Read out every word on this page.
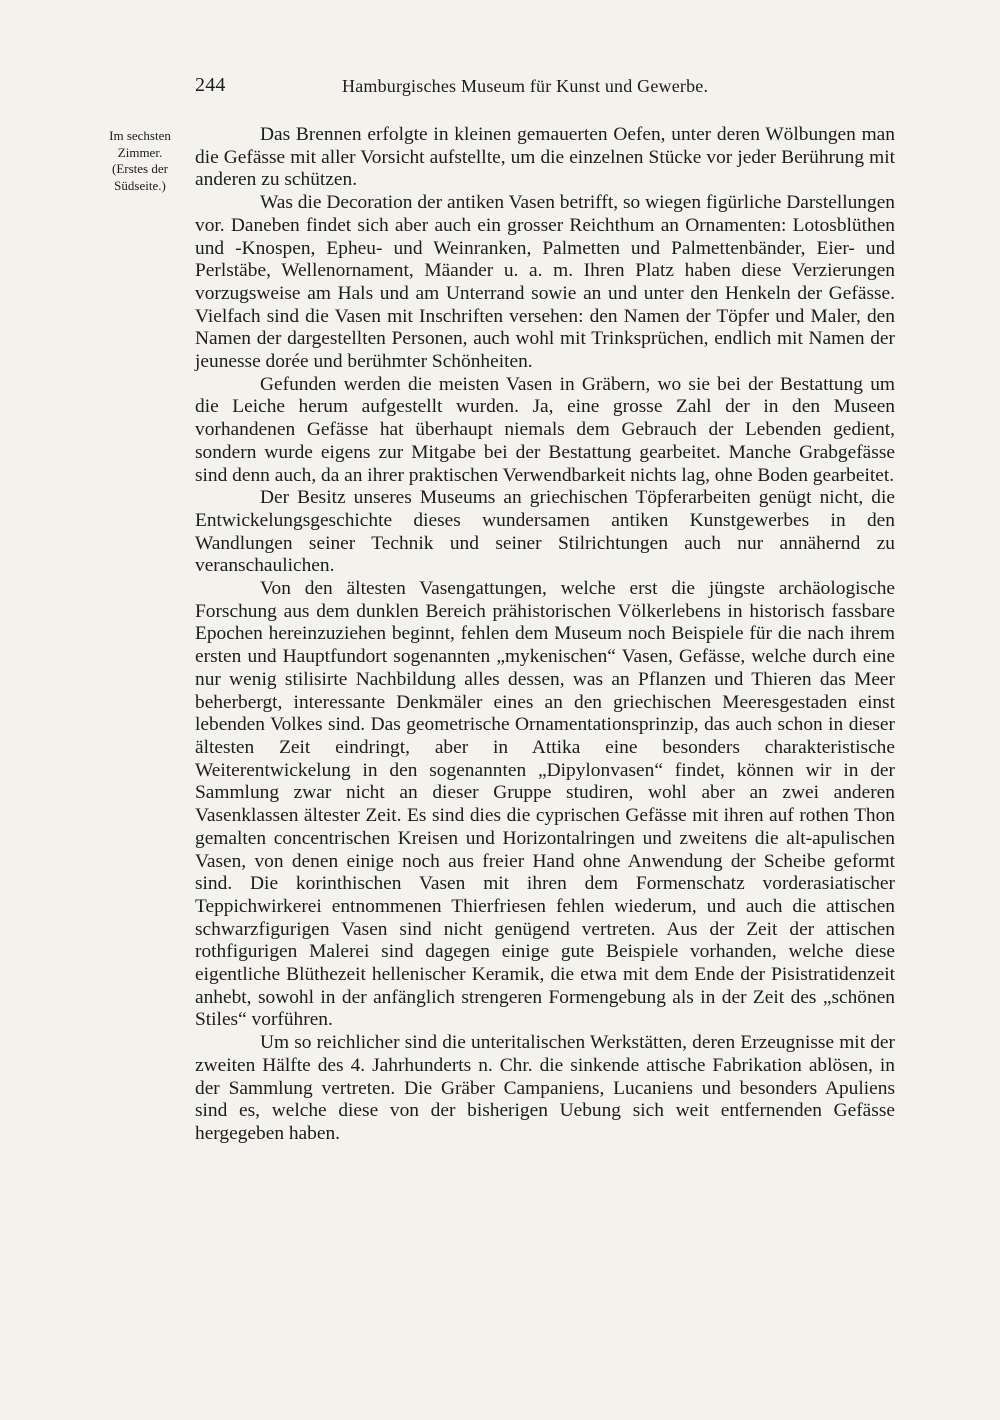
244	Hamburgisches Museum für Kunst und Gewerbe.
Im sechsten
Zimmer.
(Erstes der
Südseite.)

Das Brennen erfolgte in kleinen gemauerten Oefen, unter deren Wölbungen man die Gefässe mit aller Vorsicht aufstellte, um die einzelnen Stücke vor jeder Berührung mit anderen zu schützen.

Was die Decoration der antiken Vasen betrifft, so wiegen figürliche Darstellungen vor. Daneben findet sich aber auch ein grosser Reichthum an Ornamenten: Lotosblüthen und -Knospen, Epheu- und Weinranken, Palmetten und Palmettenbänder, Eier- und Perlstäbe, Wellenornament, Mäander u. a. m. Ihren Platz haben diese Verzierungen vorzugsweise am Hals und am Unterrand sowie an und unter den Henkeln der Gefässe. Vielfach sind die Vasen mit Inschriften versehen: den Namen der Töpfer und Maler, den Namen der dargestellten Personen, auch wohl mit Trinksprüchen, endlich mit Namen der jeunesse dorée und berühmter Schönheiten.

Gefunden werden die meisten Vasen in Gräbern, wo sie bei der Bestattung um die Leiche herum aufgestellt wurden. Ja, eine grosse Zahl der in den Museen vorhandenen Gefässe hat überhaupt niemals dem Gebrauch der Lebenden gedient, sondern wurde eigens zur Mitgabe bei der Bestattung gearbeitet. Manche Grabgefässe sind denn auch, da an ihrer praktischen Verwendbarkeit nichts lag, ohne Boden gearbeitet.

Der Besitz unseres Museums an griechischen Töpferarbeiten genügt nicht, die Entwickelungsgeschichte dieses wundersamen antiken Kunstgewerbes in den Wandlungen seiner Technik und seiner Stilrichtungen auch nur annähernd zu veranschaulichen.

Von den ältesten Vasengattungen, welche erst die jüngste archäologische Forschung aus dem dunklen Bereich prähistorischen Völkerlebens in historisch fassbare Epochen hereinzuziehen beginnt, fehlen dem Museum noch Beispiele für die nach ihrem ersten und Hauptfundort sogenannten „mykenischen“ Vasen, Gefässe, welche durch eine nur wenig stilisirte Nachbildung alles dessen, was an Pflanzen und Thieren das Meer beherbergt, interessante Denkmäler eines an den griechischen Meeresgestaden einst lebenden Volkes sind. Das geometrische Ornamentationsprinzip, das auch schon in dieser ältesten Zeit eindringt, aber in Attika eine besonders charakteristische Weiterentwickelung in den sogenannten „Dipylonvasen“ findet, können wir in der Sammlung zwar nicht an dieser Gruppe studiren, wohl aber an zwei anderen Vasenklassen ältester Zeit. Es sind dies die cyprischen Gefässe mit ihren auf rothen Thon gemalten concentrischen Kreisen und Horizontalringen und zweitens die alt-apulischen Vasen, von denen einige noch aus freier Hand ohne Anwendung der Scheibe geformt sind. Die korinthischen Vasen mit ihren dem Formenschatz vorderasiatischer Teppichwirkerei entnommenen Thierfriesen fehlen wiederum, und auch die attischen schwarzfigurigen Vasen sind nicht genügend vertreten. Aus der Zeit der attischen rothfigurigen Malerei sind dagegen einige gute Beispiele vorhanden, welche diese eigentliche Blüthezeit hellenischer Keramik, die etwa mit dem Ende der Pisistratidenzeit anhebt, sowohl in der anfänglich strengeren Formengebung als in der Zeit des „schönen Stiles“ vorführen.

Um so reichlicher sind die unteritalischen Werkstätten, deren Erzeugnisse mit der zweiten Hälfte des 4. Jahrhunderts n. Chr. die sinkende attische Fabrikation ablösen, in der Sammlung vertreten. Die Gräber Campaniens, Lucaniens und besonders Apuliens sind es, welche diese von der bisherigen Uebung sich weit entfernenden Gefässe hergegeben haben.
